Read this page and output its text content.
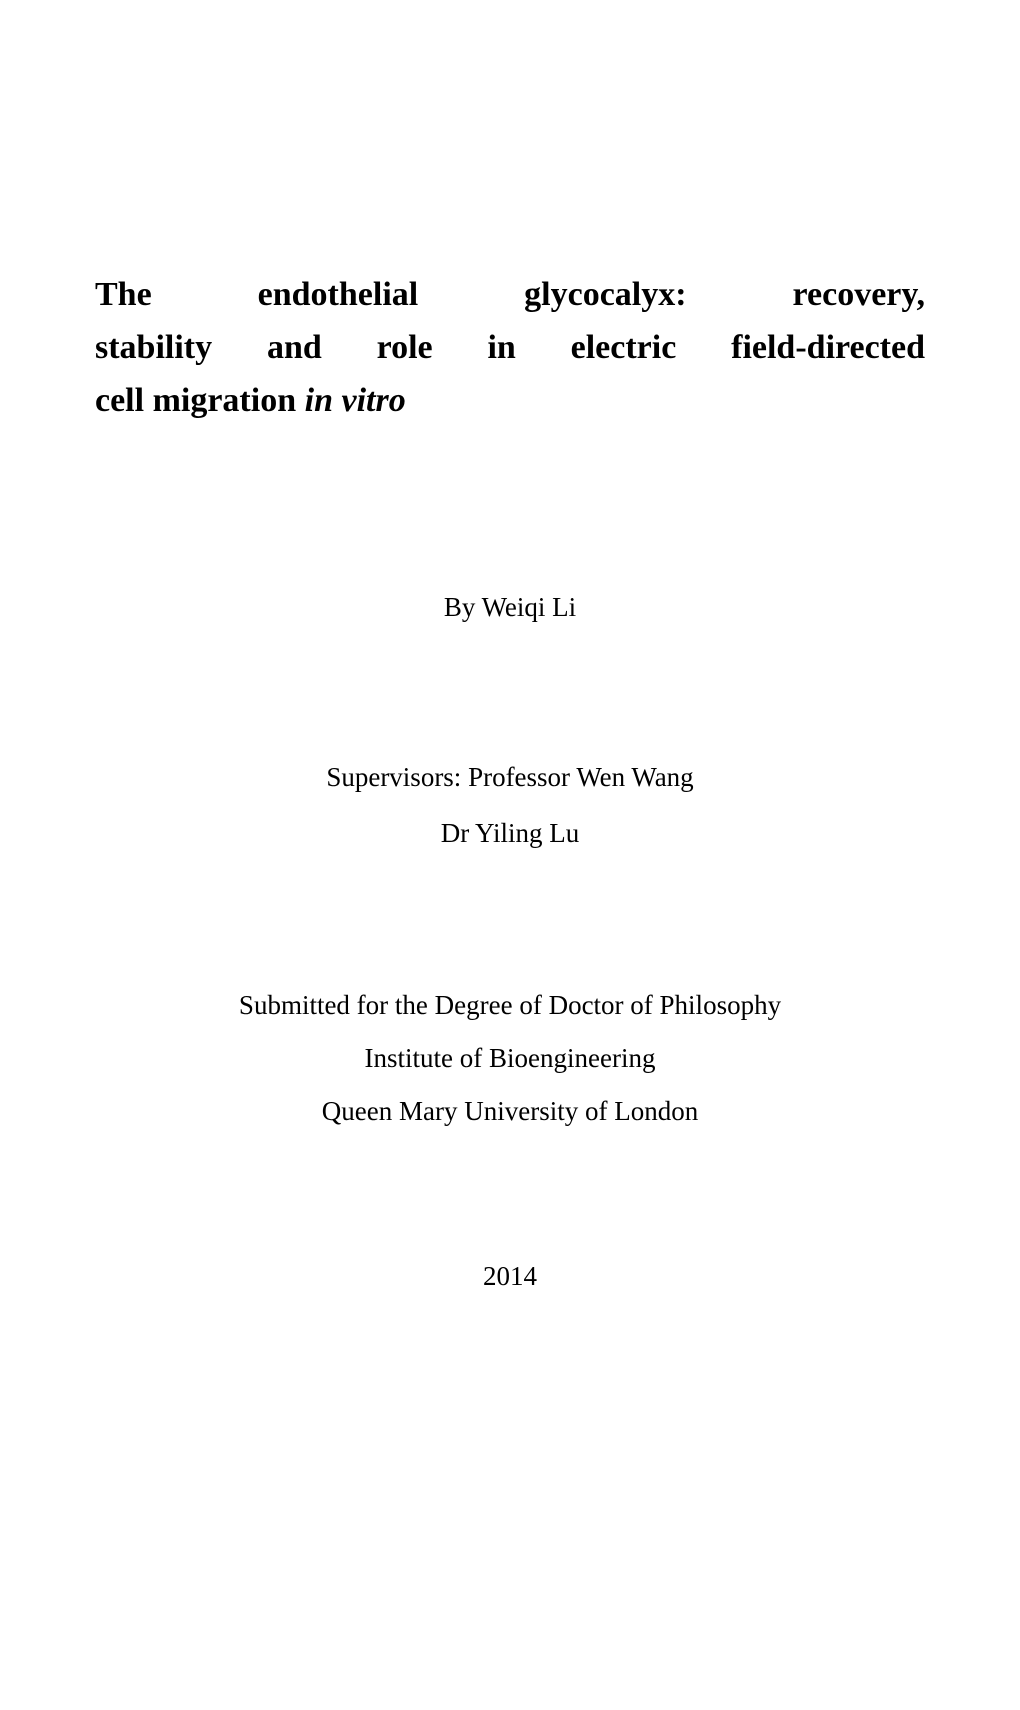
The endothelial glycocalyx: recovery,
stability and role in electric field-directed
cell migration in vitro
By Weiqi Li
Supervisors: Professor Wen Wang
Dr Yiling Lu
Submitted for the Degree of Doctor of Philosophy
Institute of Bioengineering
Queen Mary University of London
2014
